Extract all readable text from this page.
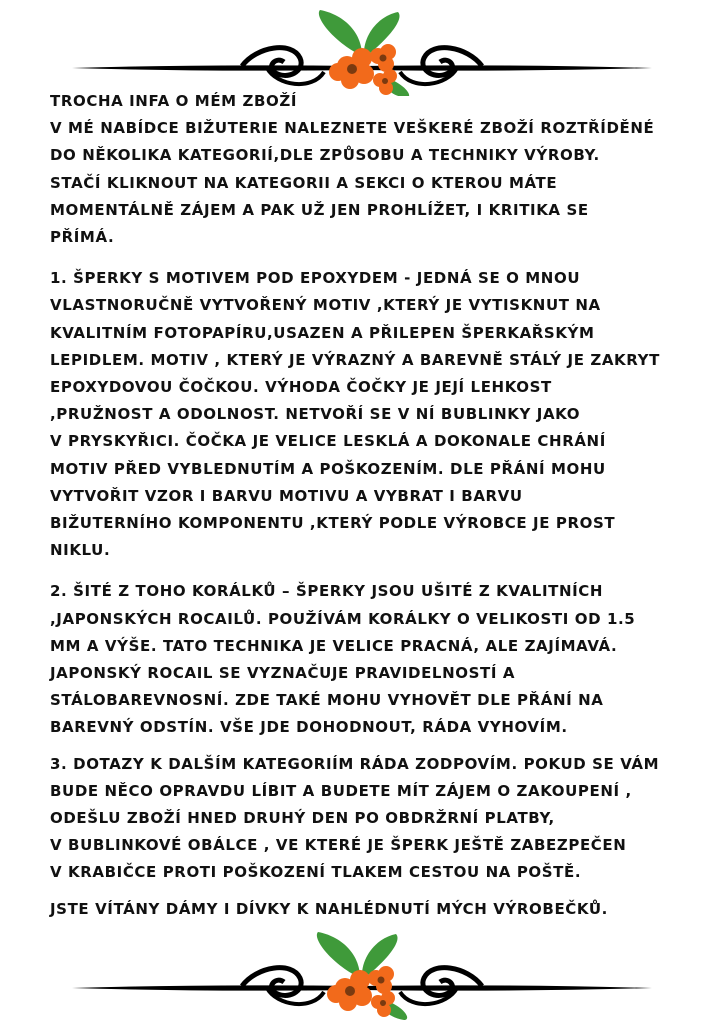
TROCHA INFA O MÉM ZBOŽÍ
V MÉ NABÍDCE BIŽUTERIE NALEZNETE VEŠKERÉ ZBOŽÍ ROZTŘÍDĚNÉ
DO NĚKOLIKA KATEGORIÍ,DLE ZPŮSOBU A TECHNIKY VÝROBY.
STAČÍ KLIKNOUT NA KATEGORII A SEKCI O KTEROU MÁTE
MOMENTÁLNĚ ZÁJEM A PAK UŽ JEN PROHLÍŽET, I KRITIKA SE
PŘÍMÁ.
1. ŠPERKY S MOTIVEM POD EPOXYDEM - JEDNÁ SE O MNOU
VLASTNORUČNĚ VYTVOŘENÝ MOTIV ,KTERÝ JE VYTISKNUT NA
KVALITNÍM FOTOPAPÍRU,USAZEN A PŘILEPEN ŠPERKAŘSKÝM
LEPIDLEM. MOTIV , KTERÝ JE VÝRAZNÝ A BAREVNĚ STÁLÝ JE ZAKRYT
EPOXYDOVOU ČOČKOU. VÝHODA ČOČKY JE JEJÍ LEHKOST
,PRUŽNOST A ODOLNOST. NETVOŘÍ SE V NÍ BUBLINKY JAKO
V PRYSKYŘICI. ČOČKA JE VELICE LESKLÁ A DOKONALE CHRÁNÍ
MOTIV PŘED VYBLEDNUTÍM A POŠKOZENÍM. DLE PŘÁNÍ MOHU
VYTVOŘIT VZOR I BARVU MOTIVU A VYBRAT I BARVU
BIŽUTERNÍHO KOMPONENTU ,KTERÝ PODLE VÝROBCE JE PROST
NIKLU.
2. ŠITÉ Z TOHO KORÁLKŮ – ŠPERKY JSOU UŠITÉ Z KVALITNÍCH
,JAPONSKÝCH ROCAILŮ. POUŽÍVÁM KORÁLKY O VELIKOSTI OD 1.5
MM A VÝŠE. TATO TECHNIKA JE VELICE PRACNÁ, ALE ZAJÍMAVÁ.
JAPONSKÝ ROCAIL SE VYZNAČUJE PRAVIDELNOSTÍ A
STÁLOBAREVNOSNÍ. ZDE TAKÉ MOHU VYHOVĚT DLE PŘÁNÍ NA
BAREVNÝ ODSTÍN. VŠE JDE DOHODNOUT, RÁDA VYHOVÍM.
3. DOTAZY K DALŠÍM KATEGORIÍM RÁDA ZODPOVÍM. POKUD SE VÁM
BUDE NĚCO OPRAVDU LÍBIT A BUDETE MÍT ZÁJEM O ZAKOUPENÍ ,
ODEŠLU ZBOŽÍ HNED DRUHÝ DEN PO OBDRŽRNÍ PLATBY,
V BUBLINKOVÉ OBÁLCE , VE KTERÉ JE ŠPERK JEŠTĚ ZABEZPEČEN
V KRABIČCE PROTI POŠKOZENÍ TLAKEM CESTOU NA POŠTĚ.
JSTE VÍTÁNY DÁMY I DÍVKY K NAHLÉDNUTÍ MÝCH VÝROBEČKŮ.
